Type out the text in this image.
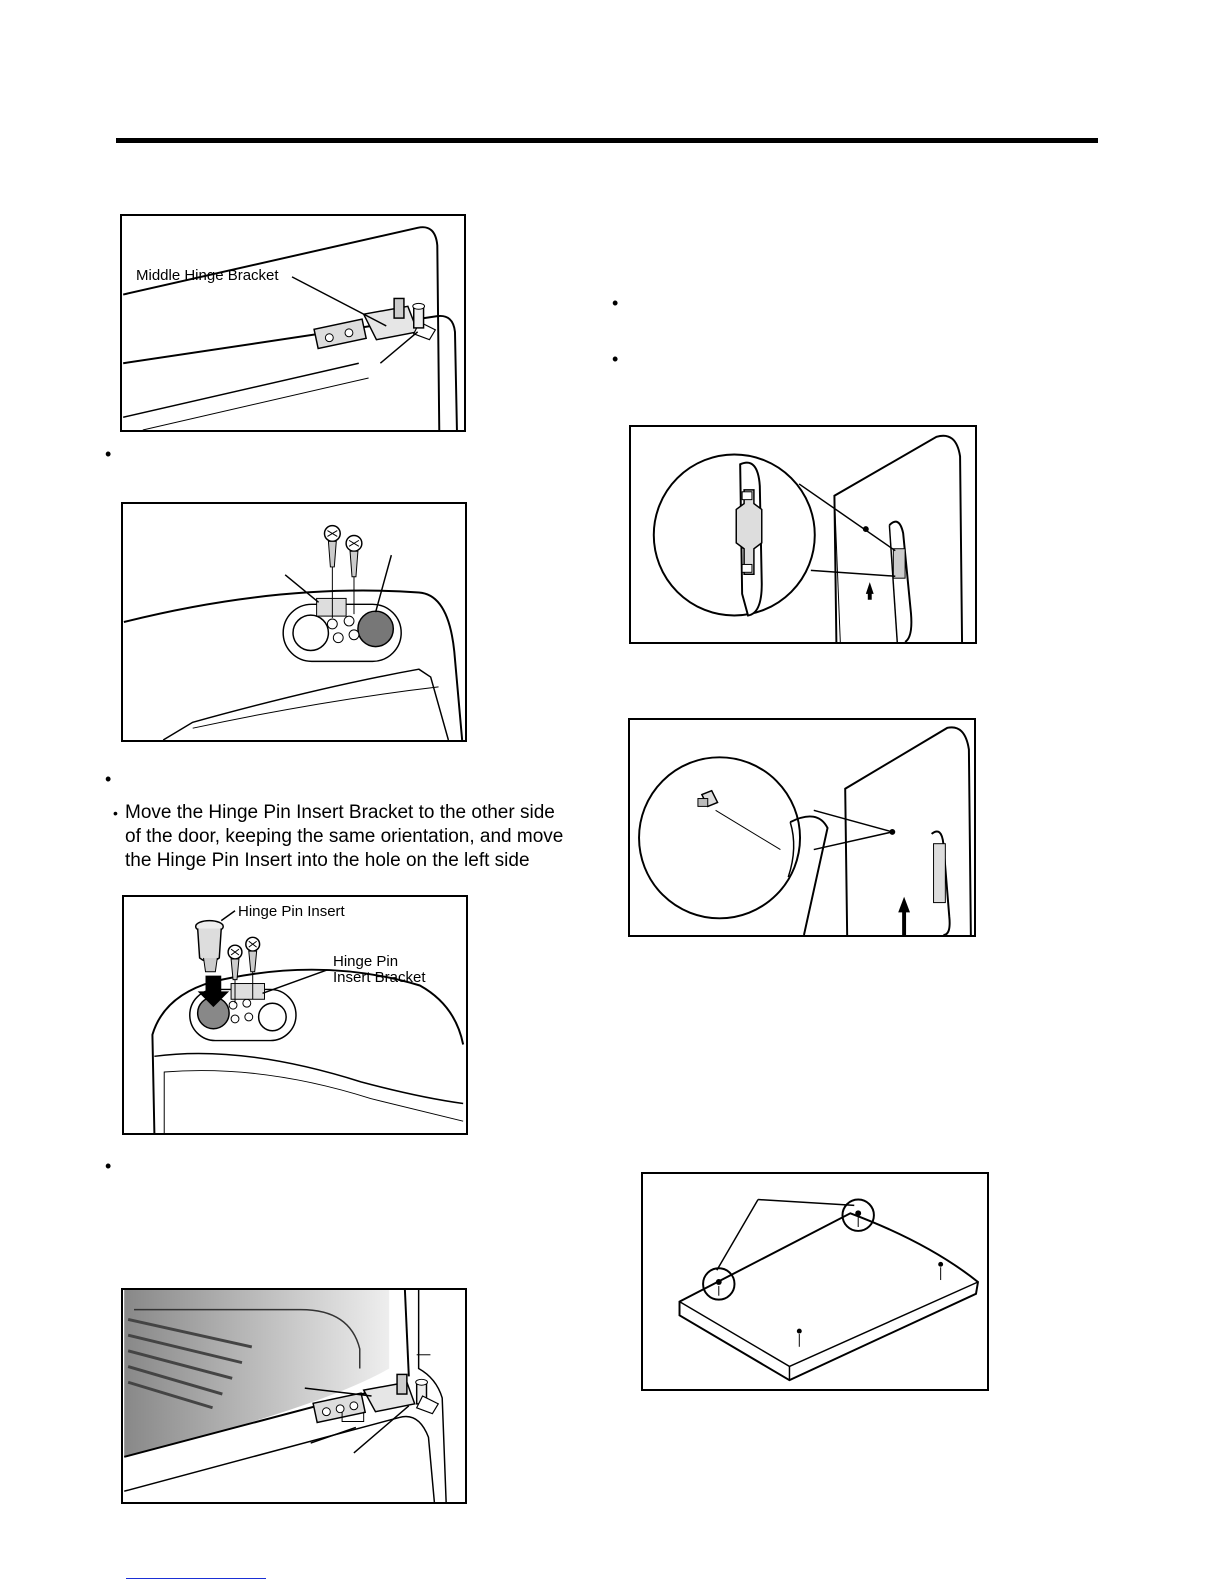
Middle Hinge Bracket
•
•
• Move the Hinge Pin Insert Bracket to the other side
of the door, keeping the same orientation, and move
the Hinge Pin Insert into the hole on the left side
Hinge Pin Insert
Hinge Pin
Insert Bracket
•
•
•
